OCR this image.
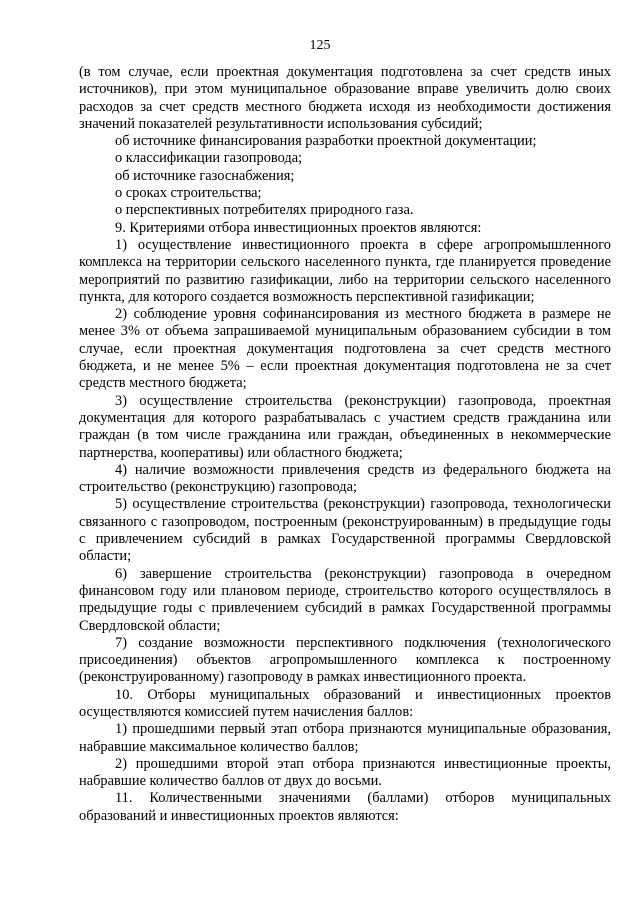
125

(в том случае, если проектная документация подготовлена за счет средств иных источников), при этом муниципальное образование вправе увеличить долю своих расходов за счет средств местного бюджета исходя из необходимости достижения значений показателей результативности использования субсидий;

об источнике финансирования разработки проектной документации;

о классификации газопровода;

об источнике газоснабжения;

о сроках строительства;

о перспективных потребителях природного газа.

9. Критериями отбора инвестиционных проектов являются:

1) осуществление инвестиционного проекта в сфере агропромышленного комплекса на территории сельского населенного пункта, где планируется проведение мероприятий по развитию газификации, либо на территории сельского населенного пункта, для которого создается возможность перспективной газификации;

2) соблюдение уровня софинансирования из местного бюджета в размере не менее 3% от объема запрашиваемой муниципальным образованием субсидии в том случае, если проектная документация подготовлена за счет средств местного бюджета, и не менее 5% – если проектная документация подготовлена не за счет средств местного бюджета;

3) осуществление строительства (реконструкции) газопровода, проектная документация для которого разрабатывалась с участием средств гражданина или граждан (в том числе гражданина или граждан, объединенных в некоммерческие партнерства, кооперативы) или областного бюджета;

4) наличие возможности привлечения средств из федерального бюджета на строительство (реконструкцию) газопровода;

5) осуществление строительства (реконструкции) газопровода, технологически связанного с газопроводом, построенным (реконструированным) в предыдущие годы с привлечением субсидий в рамках Государственной программы Свердловской области;

6) завершение строительства (реконструкции) газопровода в очередном финансовом году или плановом периоде, строительство которого осуществлялось в предыдущие годы с привлечением субсидий в рамках Государственной программы Свердловской области;

7) создание возможности перспективного подключения (технологического присоединения) объектов агропромышленного комплекса к построенному (реконструированному) газопроводу в рамках инвестиционного проекта.

10. Отборы муниципальных образований и инвестиционных проектов осуществляются комиссией путем начисления баллов:

1) прошедшими первый этап отбора признаются муниципальные образования, набравшие максимальное количество баллов;

2) прошедшими второй этап отбора признаются инвестиционные проекты, набравшие количество баллов от двух до восьми.

11. Количественными значениями (баллами) отборов муниципальных образований и инвестиционных проектов являются:
